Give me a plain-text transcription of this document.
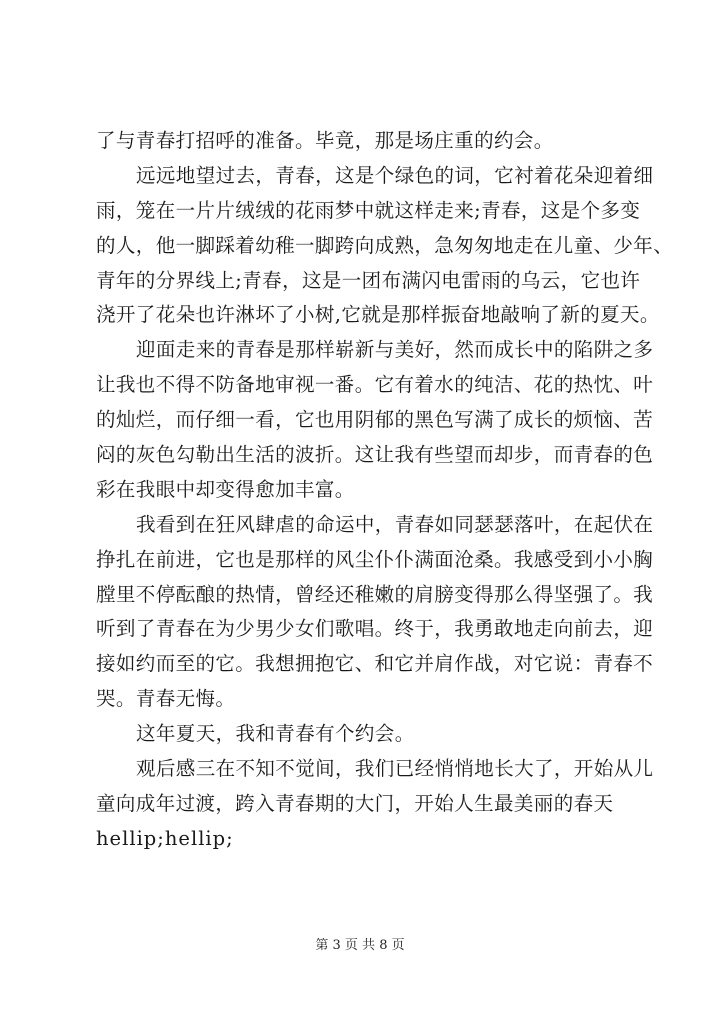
了与青春打招呼的准备。毕竟，那是场庄重的约会。
远远地望过去，青春，这是个绿色的词，它衬着花朵迎着细
雨，笼在一片片绒绒的花雨梦中就这样走来;青春，这是个多变
的人，他一脚踩着幼稚一脚跨向成熟，急匆匆地走在儿童、少年、
青年的分界线上;青春，这是一团布满闪电雷雨的乌云，它也许
浇开了花朵也许淋坏了小树,它就是那样振奋地敲响了新的夏天。
迎面走来的青春是那样崭新与美好，然而成长中的陷阱之多
让我也不得不防备地审视一番。它有着水的纯洁、花的热忱、叶
的灿烂，而仔细一看，它也用阴郁的黑色写满了成长的烦恼、苦
闷的灰色勾勒出生活的波折。这让我有些望而却步，而青春的色
彩在我眼中却变得愈加丰富。
我看到在狂风肆虐的命运中，青春如同瑟瑟落叶，在起伏在
挣扎在前进，它也是那样的风尘仆仆满面沧桑。我感受到小小胸
膛里不停酝酿的热情，曾经还稚嫩的肩膀变得那么得坚强了。我
听到了青春在为少男少女们歌唱。终于，我勇敢地走向前去，迎
接如约而至的它。我想拥抱它、和它并肩作战，对它说：青春不
哭。青春无悔。
这年夏天，我和青春有个约会。
观后感三在不知不觉间，我们已经悄悄地长大了，开始从儿
童向成年过渡，跨入青春期的大门，开始人生最美丽的春天
hellip;hellip;
第 3 页 共 8 页
